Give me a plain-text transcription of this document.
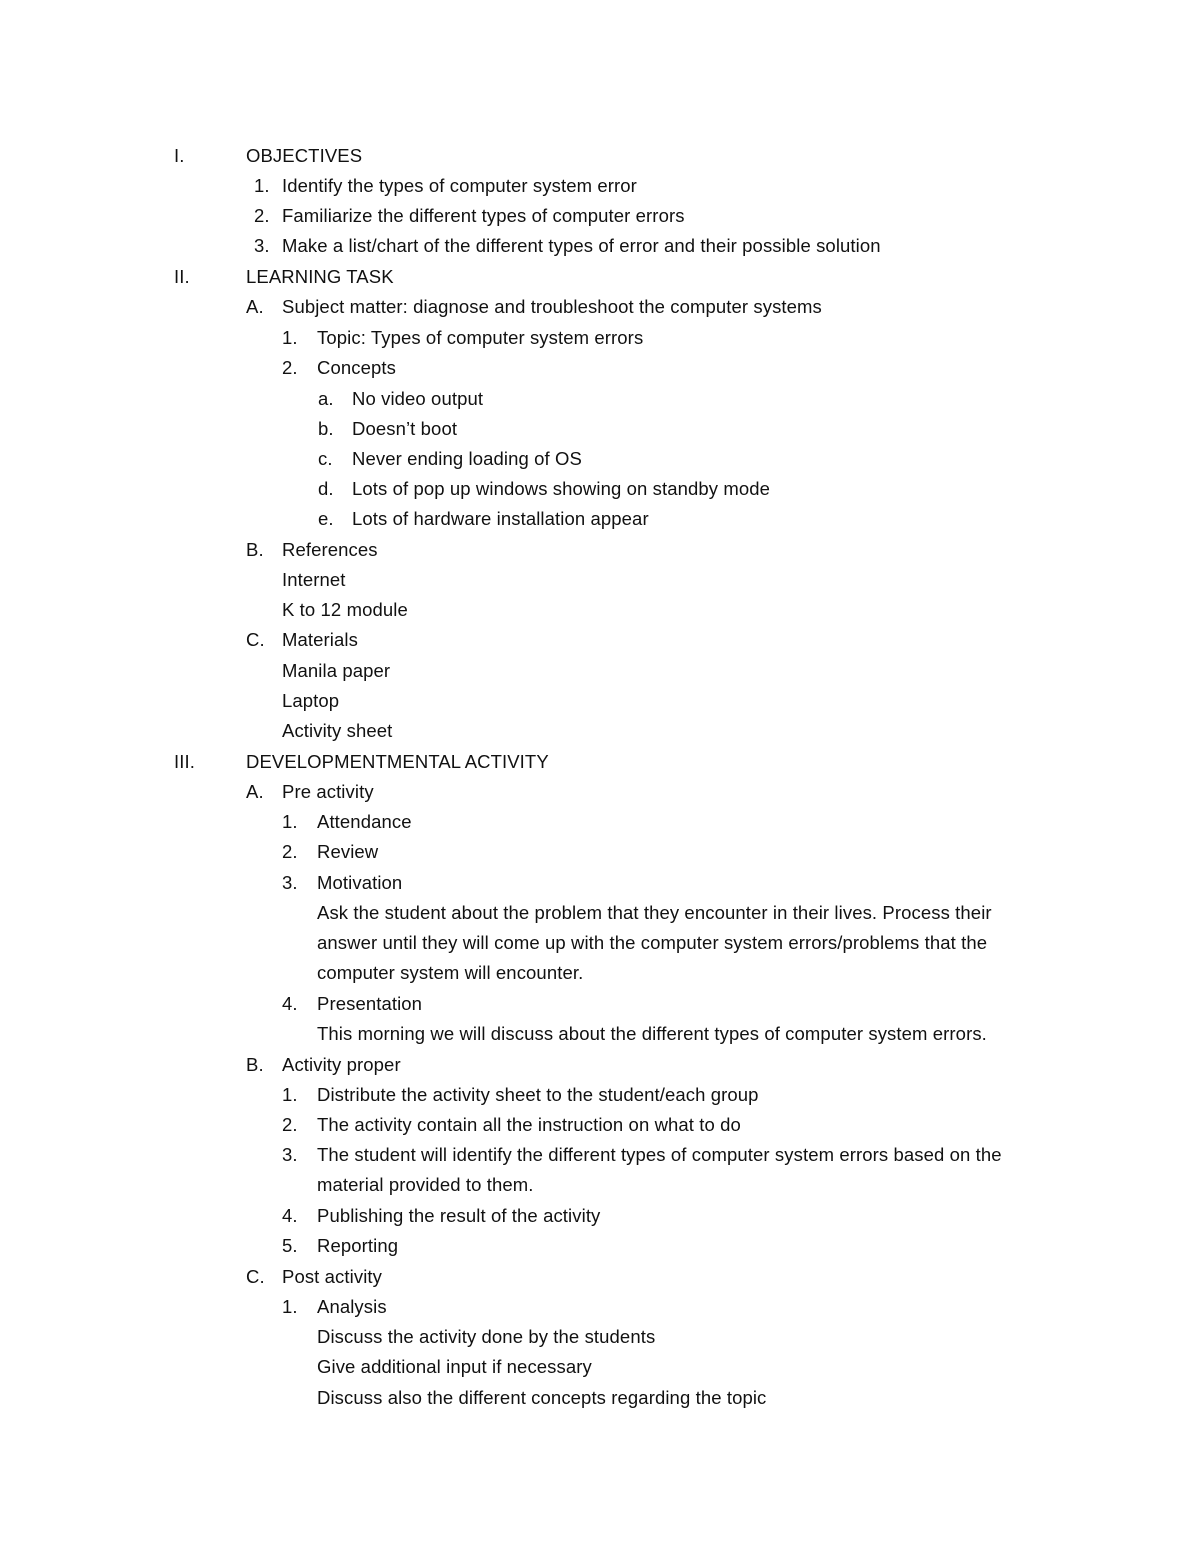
I.	OBJECTIVES
1. Identify the types of computer system error
2. Familiarize the different types of computer errors
3. Make a list/chart of the different types of error and their possible solution
II.	LEARNING TASK
A. Subject matter: diagnose and troubleshoot the computer systems
1. Topic: Types of computer system errors
2. Concepts
a. No video output
b. Doesn’t boot
c. Never ending loading of OS
d. Lots of pop up windows showing on standby mode
e. Lots of hardware installation appear
B. References
Internet
K to 12 module
C. Materials
Manila paper
Laptop
Activity sheet
III.	DEVELOPMENTMENTAL ACTIVITY
A. Pre activity
1. Attendance
2. Review
3. Motivation
Ask the student about the problem that they encounter in their lives. Process their
answer until they will come up with the computer system errors/problems that the
computer system will encounter.
4. Presentation
This morning we will discuss about the different types of computer system errors.
B. Activity proper
1. Distribute the activity sheet to the student/each group
2. The activity contain all the instruction on what to do
3. The student will identify the different types of computer system errors based on the
material provided to them.
4. Publishing the result of the activity
5. Reporting
C. Post activity
1. Analysis
Discuss the activity done by the students
Give additional input if necessary
Discuss also the different concepts regarding the topic
